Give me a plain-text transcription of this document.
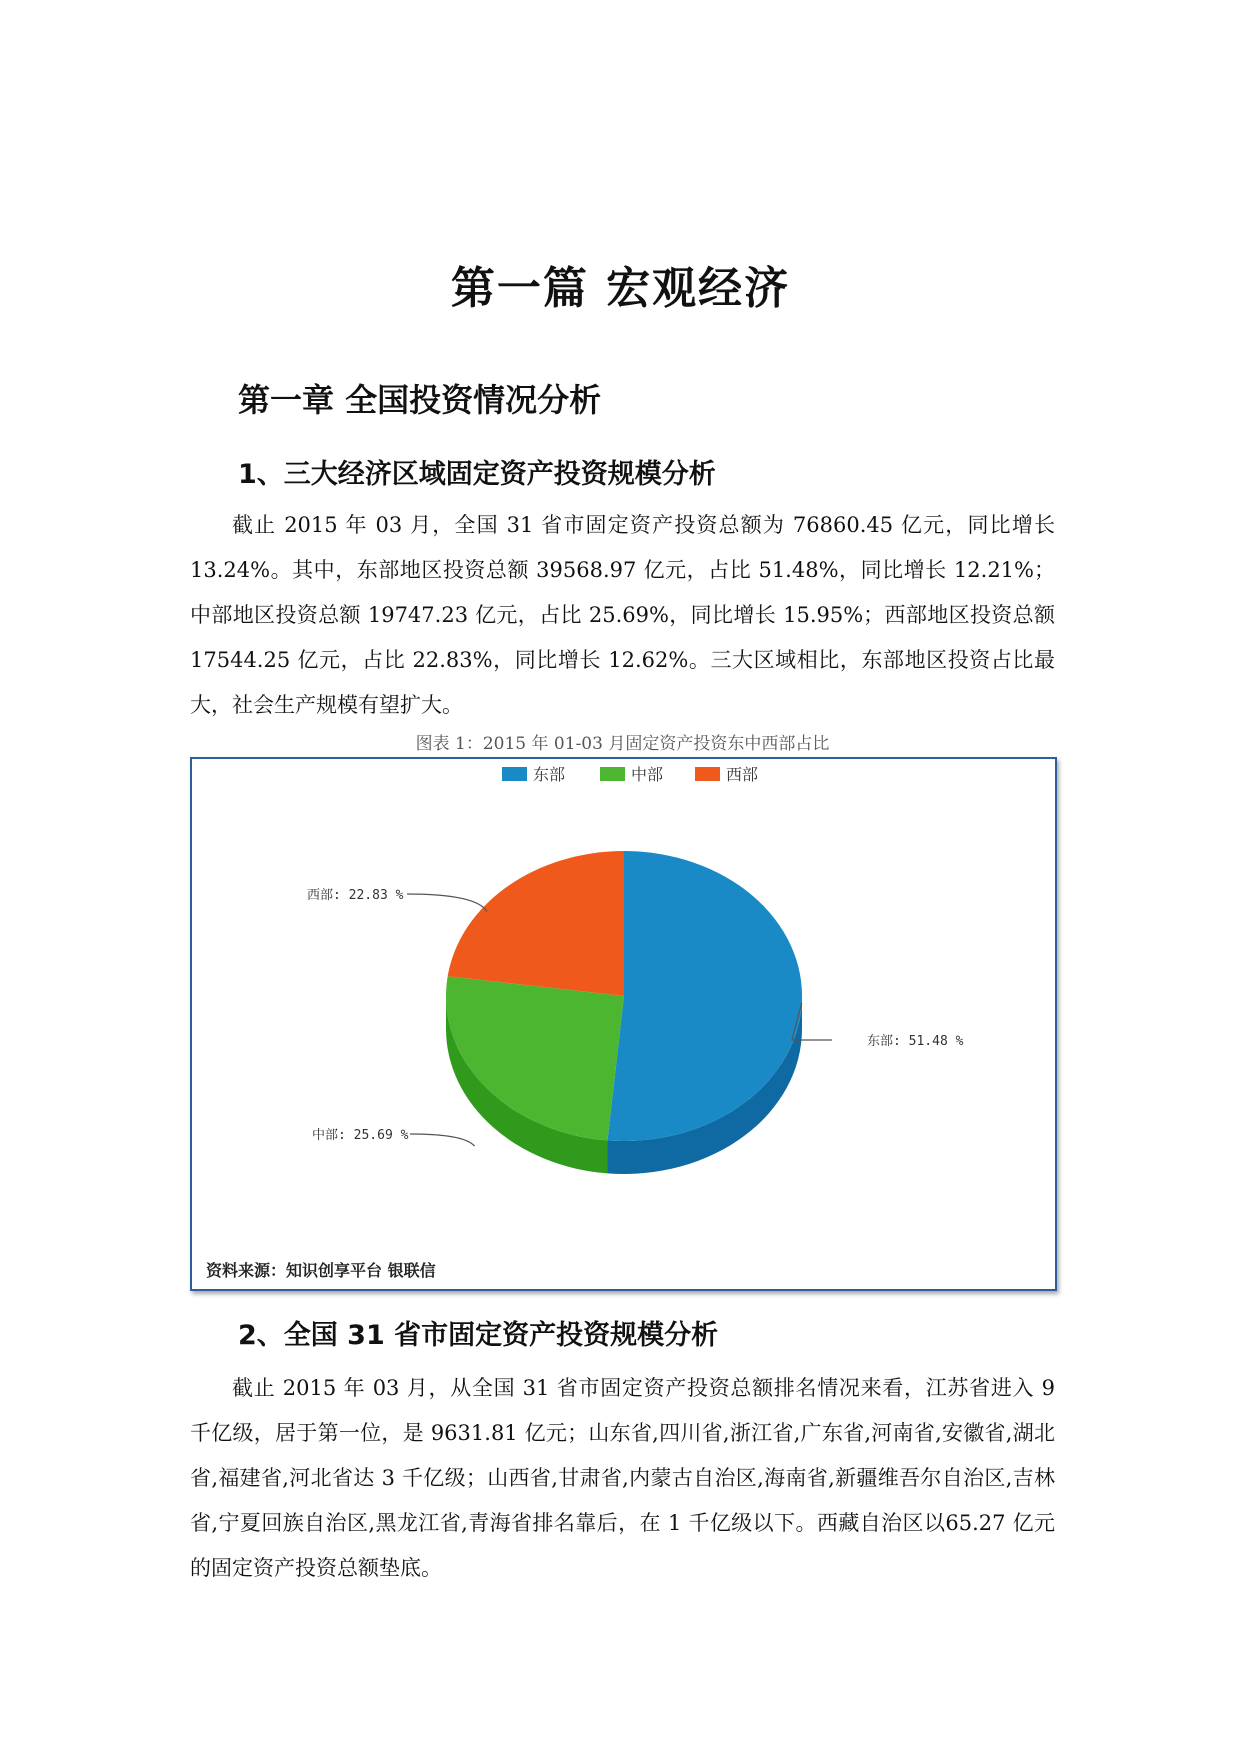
第一篇 宏观经济
第一章 全国投资情况分析
1、三大经济区域固定资产投资规模分析

截止 2015 年 03 月，全国 31 省市固定资产投资总额为 76860.45 亿元，同比增长 13.24%。其中，东部地区投资总额 39568.97 亿元，占比 51.48%，同比增长 12.21%；中部地区投资总额 19747.23 亿元，占比 25.69%，同比增长 15.95%；西部地区投资总额 17544.25 亿元，占比 22.83%，同比增长 12.62%。三大区域相比，东部地区投资占比最大，社会生产规模有望扩大。

图表 1：2015 年 01-03 月固定资产投资东中西部占比
东部	中部	西部
东部: 51.48 %
中部: 25.69 %
西部: 22.83 %
资料来源：知识创享平台 银联信
2、全国 31 省市固定资产投资规模分析

截止 2015 年 03 月，从全国 31 省市固定资产投资总额排名情况来看，江苏省进入 9 千亿级，居于第一位，是 9631.81 亿元；山东省,四川省,浙江省,广东省,河南省,安徽省,湖北省,福建省,河北省达 3 千亿级；山西省,甘肃省,内蒙古自治区,海南省,新疆维吾尔自治区,吉林省,宁夏回族自治区,黑龙江省,青海省排名靠后，在 1 千亿级以下。西藏自治区以65.27 亿元的固定资产投资总额垫底。
